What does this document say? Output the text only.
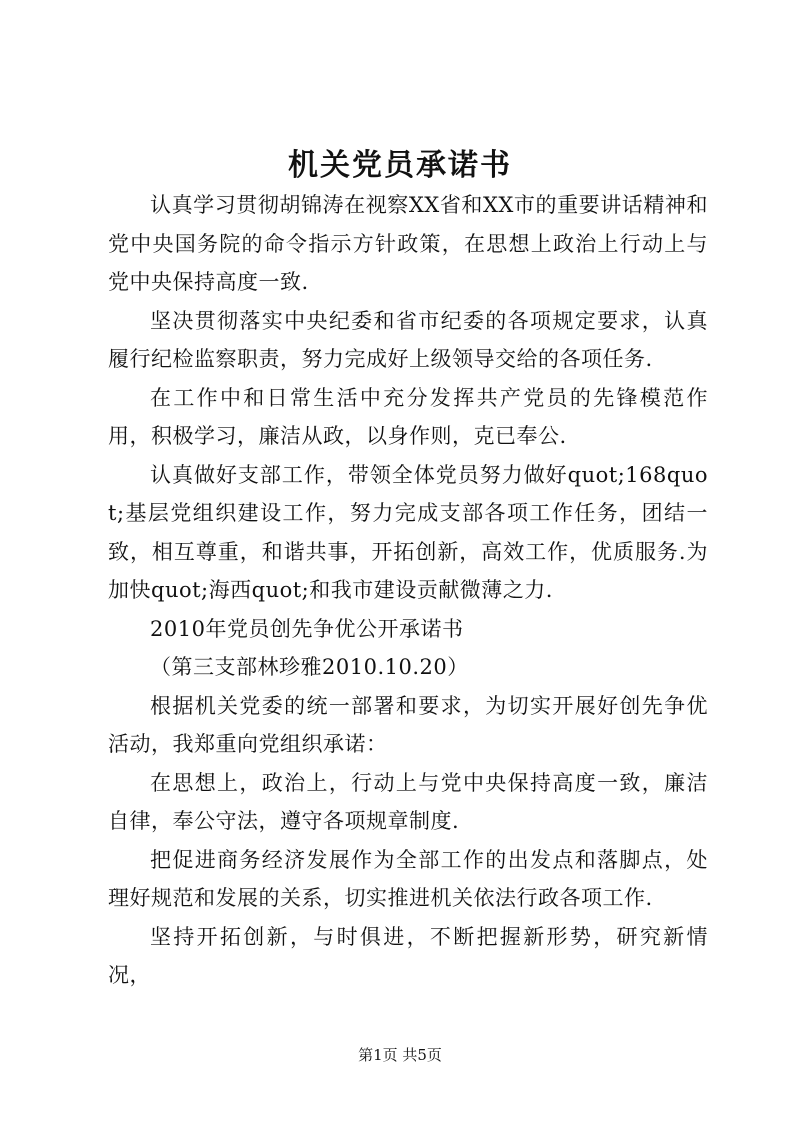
机关党员承诺书

认真学习贯彻胡锦涛在视察XX省和XX市的重要讲话精神和党中央国务院的命令指示方针政策，在思想上政治上行动上与党中央保持高度一致.

坚决贯彻落实中央纪委和省市纪委的各项规定要求，认真履行纪检监察职责，努力完成好上级领导交给的各项任务.

在工作中和日常生活中充分发挥共产党员的先锋模范作用，积极学习，廉洁从政，以身作则，克已奉公.

认真做好支部工作，带领全体党员努力做好quot;168quot;基层党组织建设工作，努力完成支部各项工作任务，团结一致，相互尊重，和谐共事，开拓创新，高效工作，优质服务.为加快quot;海西quot;和我市建设贡献微薄之力.

2010年党员创先争优公开承诺书

（第三支部林珍雅2010.10.20）

根据机关党委的统一部署和要求，为切实开展好创先争优活动，我郑重向党组织承诺：

在思想上，政治上，行动上与党中央保持高度一致，廉洁自律，奉公守法，遵守各项规章制度.

把促进商务经济发展作为全部工作的出发点和落脚点，处理好规范和发展的关系，切实推进机关依法行政各项工作.

坚持开拓创新，与时俱进，不断把握新形势，研究新情况，

第1页 共5页
